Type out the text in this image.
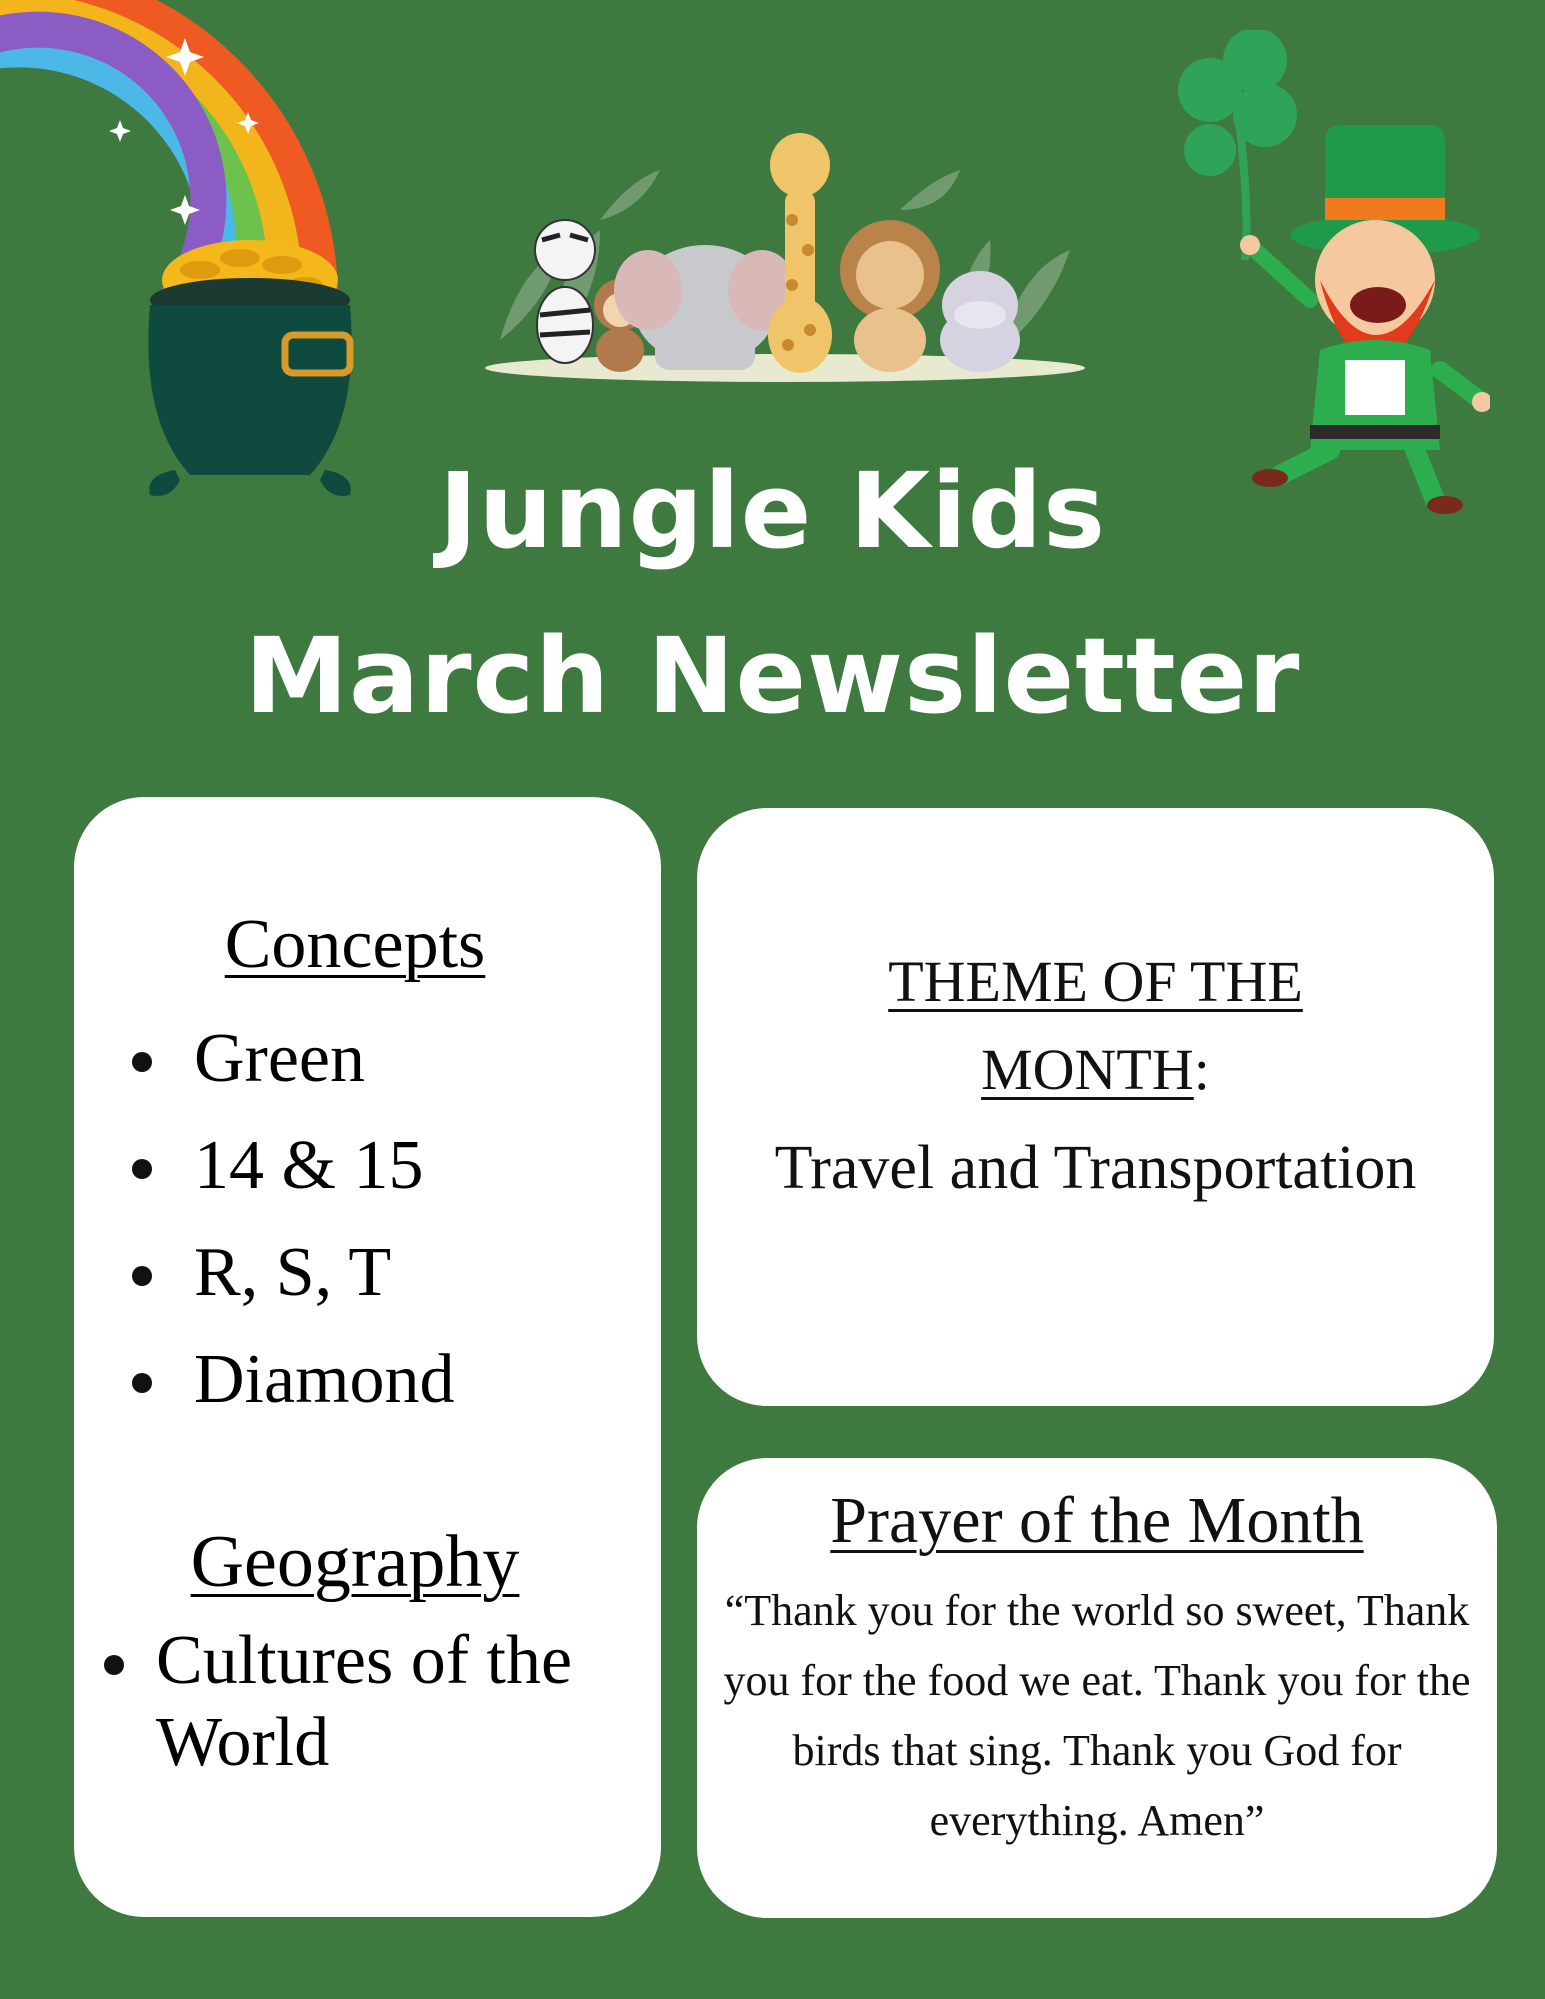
Jungle Kids
March Newsletter
Concepts
Green
14 & 15
R, S, T
Diamond
Geography
Cultures of the World
THEME OF THE
MONTH:

Travel and Transportation

Prayer of the Month

“Thank you for the world so sweet, Thank you for the food we eat. Thank you for the birds that sing. Thank you God for everything. Amen”
